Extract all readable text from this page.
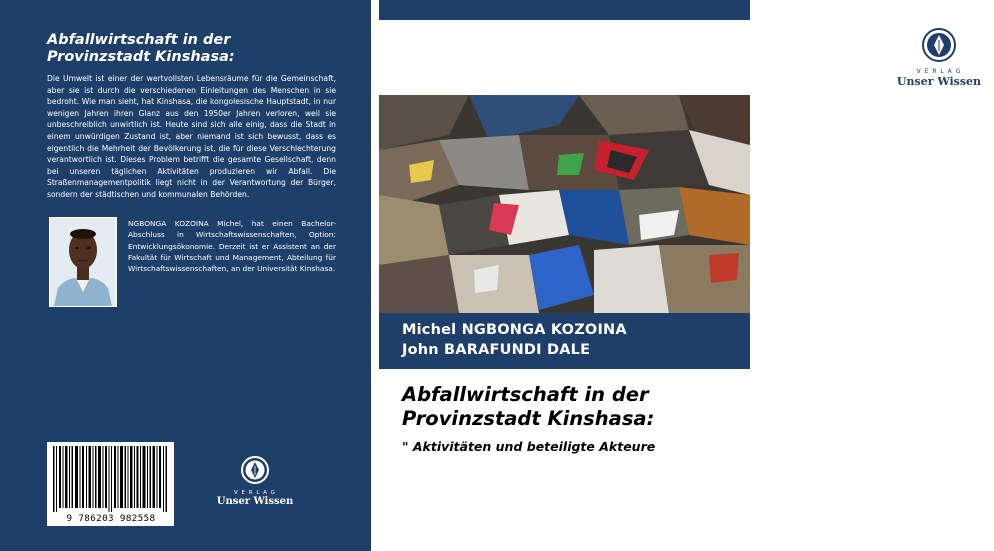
Abfallwirtschaft in der
Provinzstadt Kinshasa:
Die Umwelt ist einer der wertvollsten Lebensräume für die Gemeinschaft, aber sie ist durch die verschiedenen Einleitungen des Menschen in sie bedroht. Wie man sieht, hat Kinshasa, die kongolesische Hauptstadt, in nur wenigen Jahren ihren Glanz aus den 1950er Jahren verloren, weil sie unbeschreiblich unwirtlich ist. Heute sind sich alle einig, dass die Stadt in einem unwürdigen Zustand ist, aber niemand ist sich bewusst, dass es eigentlich die Mehrheit der Bevölkerung ist, die für diese Verschlechterung verantwortlich ist. Dieses Problem betrifft die gesamte Gesellschaft, denn bei unseren täglichen Aktivitäten produzieren wir Abfall. Die Straßenmanagementpolitik liegt nicht in der Verantwortung der Bürger, sondern der städtischen und kommunalen Behörden.
NGBONGA KOZOINA Michel, hat einen Bachelor-Abschluss in Wirtschaftswissenschaften, Option: Entwicklungsökonomie. Derzeit ist er Assistent an der Fakultät für Wirtschaft und Management, Abteilung für Wirtschaftswissenschaften, an der Universität Kinshasa.
9 786203 982558
V E R L A G
Unser Wissen
V E R L A G
Unser Wissen
Michel NGBONGA KOZOINA
John BARAFUNDI DALE
Abfallwirtschaft in der
Provinzstadt Kinshasa:
" Aktivitäten und beteiligte Akteure
